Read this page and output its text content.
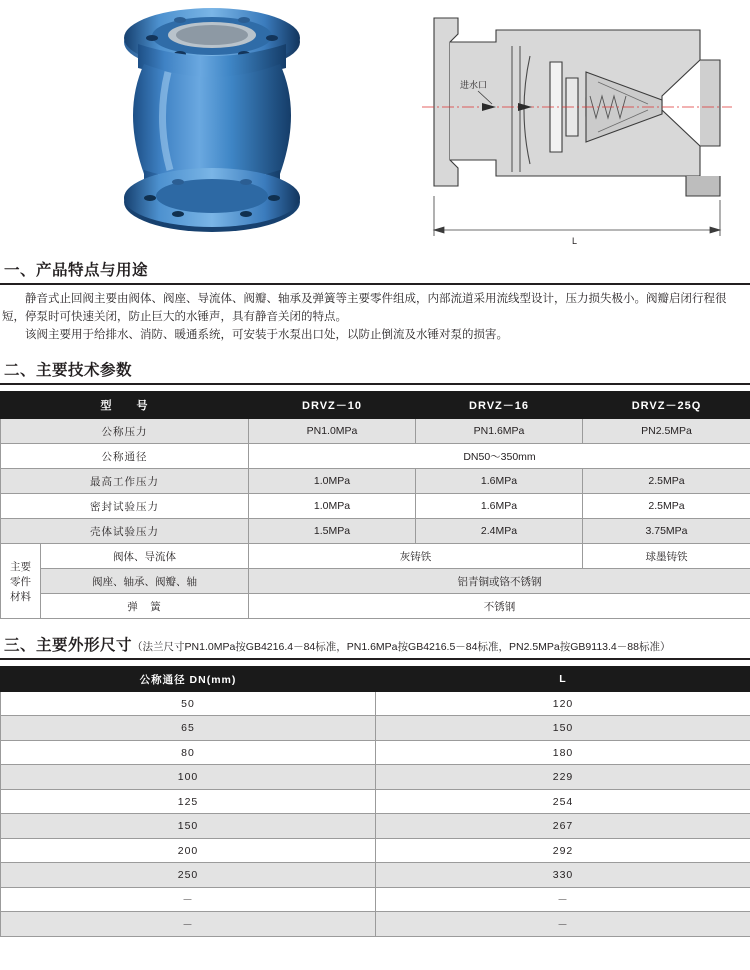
进水口
L
一、产品特点与用途

静音式止回阀主要由阀体、阀座、导流体、阀瓣、轴承及弹簧等主要零件组成，内部流道采用流线型设计，压力损失极小。阀瓣启闭行程很短，停泵时可快速关闭，防止巨大的水锤声，具有静音关闭的特点。

该阀主要用于给排水、消防、暖通系统，可安装于水泵出口处，以防止倒流及水锤对泵的损害。

二、主要技术参数
型　　号		DRVZ－10	DRVZ－16	DRVZ－25Q
公称压力		PN1.0MPa	PN1.6MPa	PN2.5MPa
公称通径		DN50～350mm		
最高工作压力		1.0MPa	1.6MPa	2.5MPa
密封试验压力		1.0MPa	1.6MPa	2.5MPa
壳体试验压力		1.5MPa	2.4MPa	3.75MPa

主要
零件
材料	阀体、导流体	灰铸铁		球墨铸铁
	阀座、轴承、阀瓣、轴	铝青铜或铬不锈钢		
	弹　簧	不锈钢		
三、主要外形尺寸（法兰尺寸PN1.0MPa按GB4216.4－84标准，PN1.6MPa按GB4216.5－84标准，PN2.5MPa按GB9113.4－88标准）
公称通径 DN(mm)	L
50	120
65	150
80	180
100	229
125	254
150	267
200	292
250	330
－	－
－	－
